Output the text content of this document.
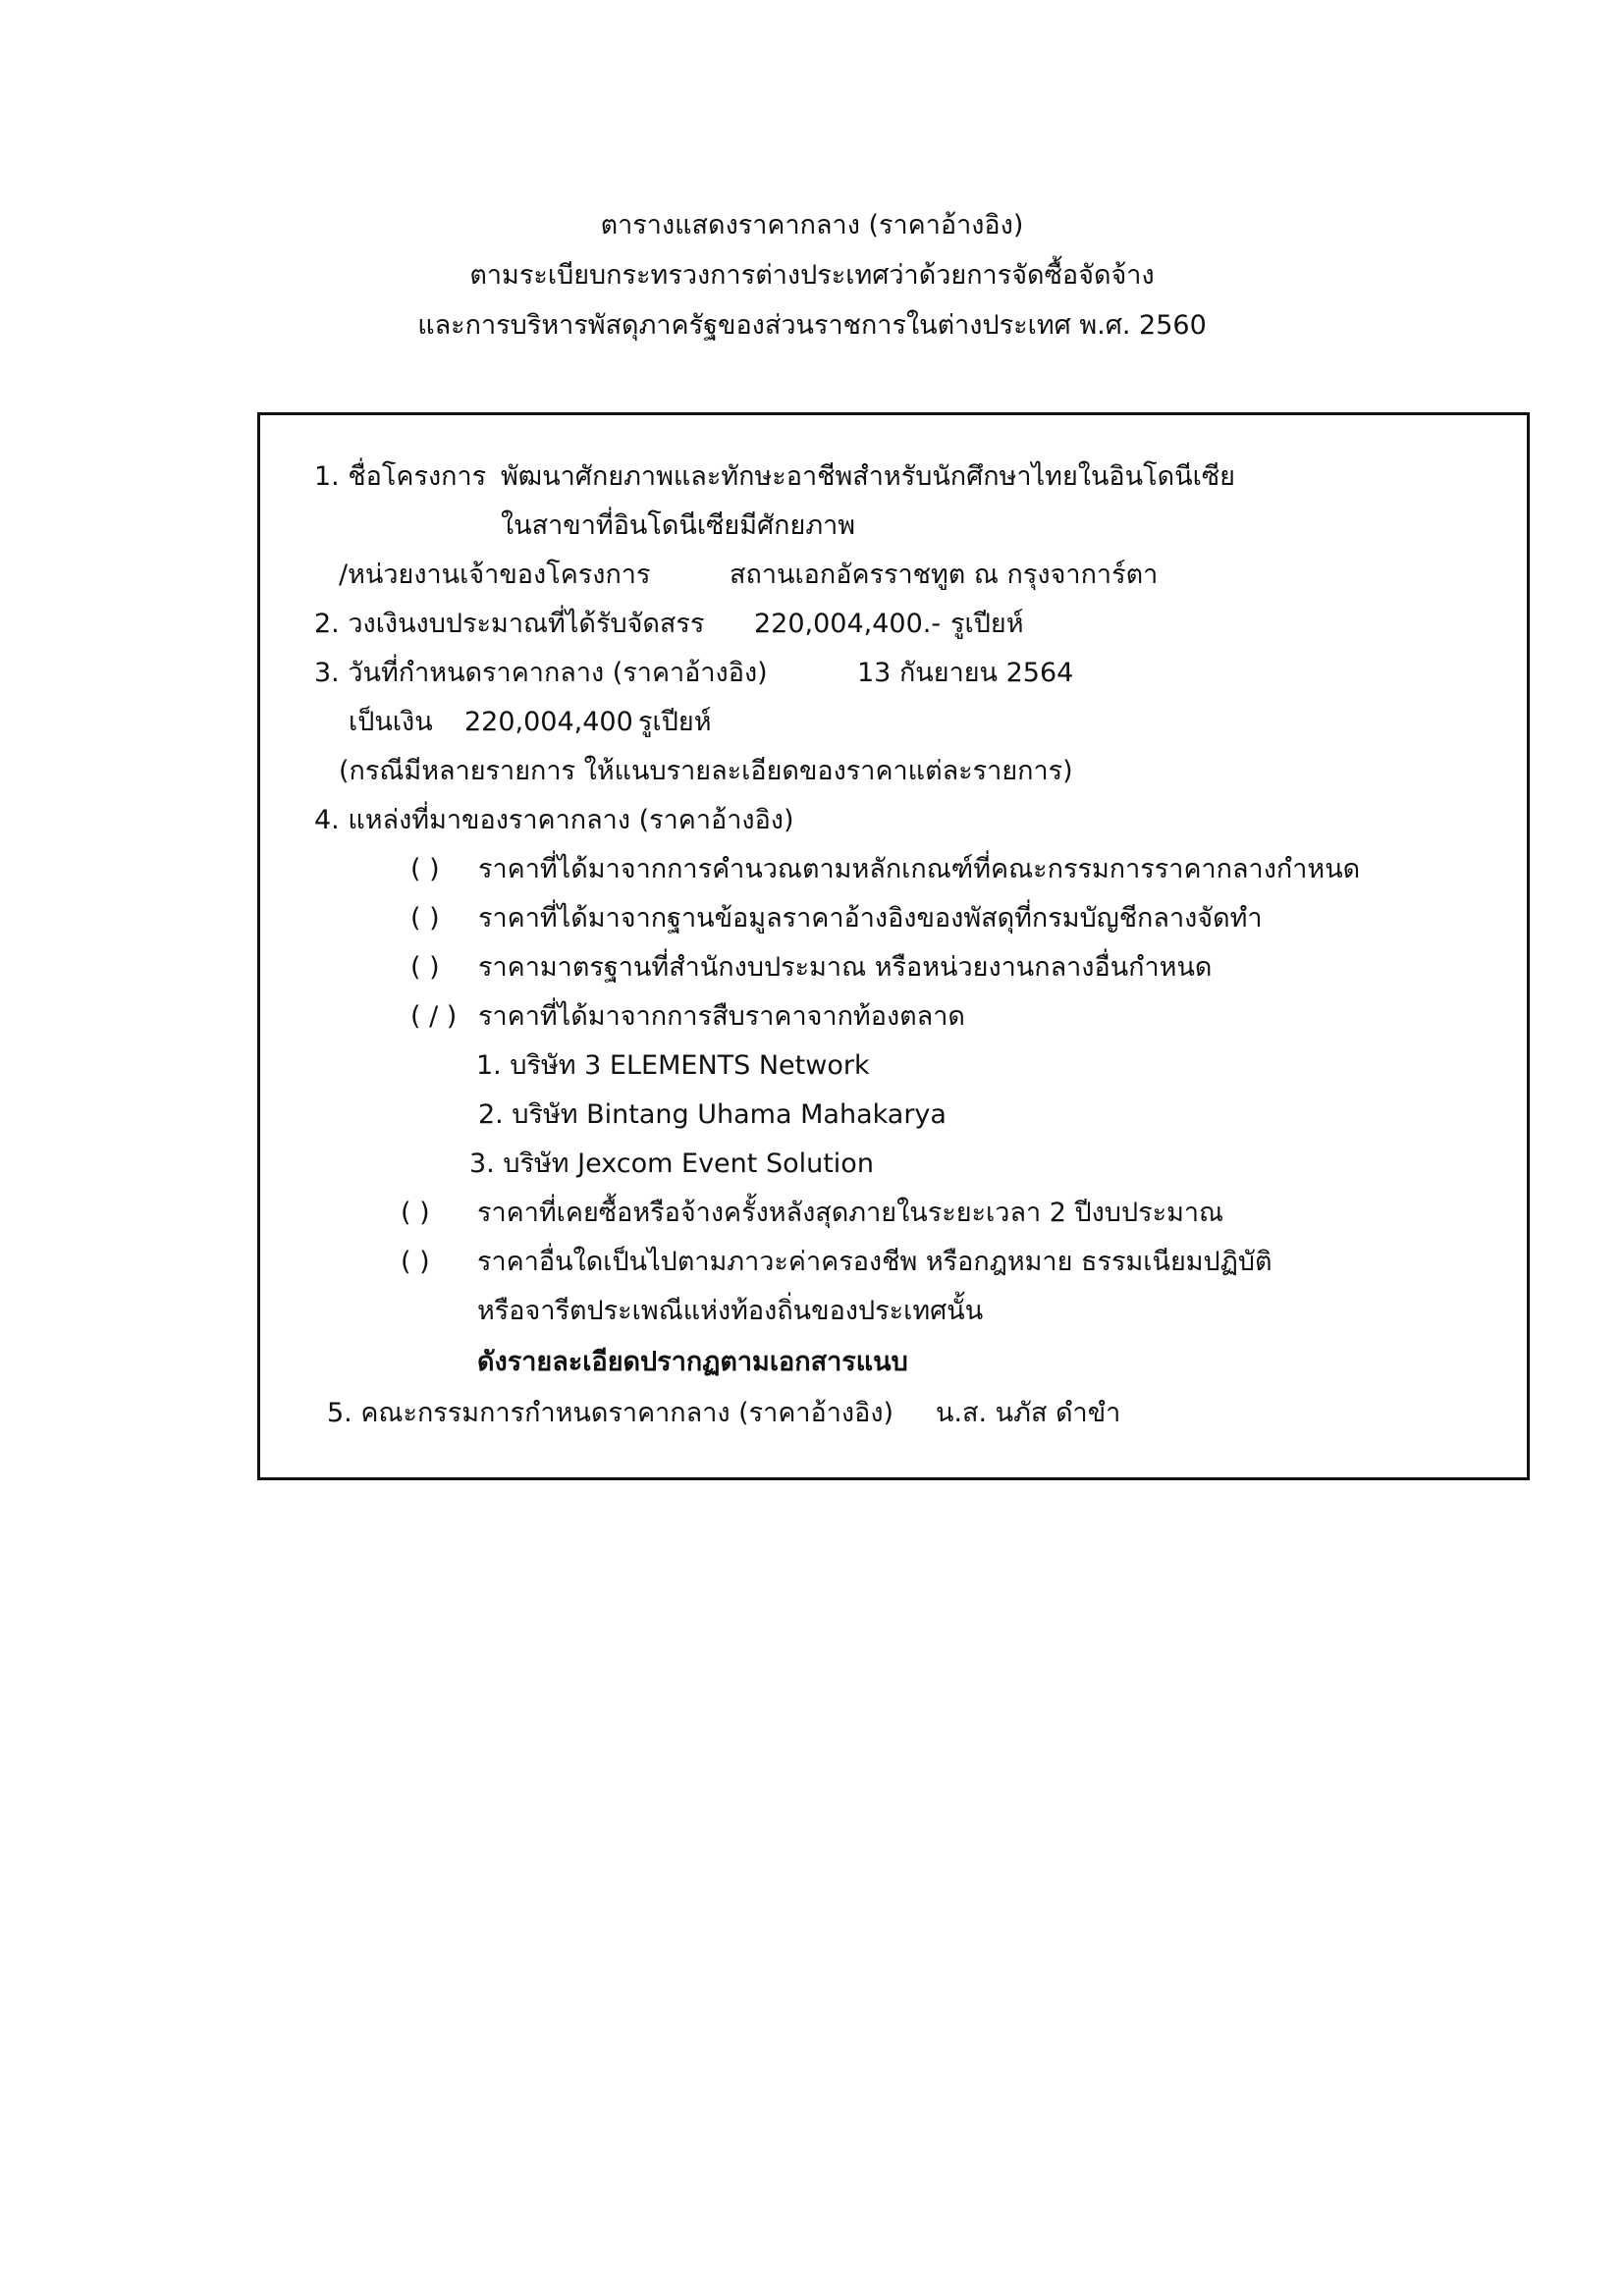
ตารางแสดงราคากลาง (ราคาอ้างอิง)
ตามระเบียบกระทรวงการต่างประเทศว่าด้วยการจัดซื้อจัดจ้าง
และการบริหารพัสดุภาครัฐของส่วนราชการในต่างประเทศ พ.ศ. 2560
1. ชื่อโครงการ พัฒนาศักยภาพและทักษะอาชีพสำหรับนักศึกษาไทยในอินโดนีเซีย
ในสาขาที่อินโดนีเซียมีศักยภาพ
/หน่วยงานเจ้าของโครงการ	สถานเอกอัครราชทูต ณ กรุงจาการ์ตา
2. วงเงินงบประมาณที่ได้รับจัดสรร 220,004,400.- รูเปียห์
3. วันที่กำหนดราคากลาง (ราคาอ้างอิง)	13 กันยายน 2564
เป็นเงิน 220,004,400 รูเปียห์
(กรณีมีหลายรายการ ให้แนบรายละเอียดของราคาแต่ละรายการ)
4. แหล่งที่มาของราคากลาง (ราคาอ้างอิง)
( ) ราคาที่ได้มาจากการคำนวณตามหลักเกณฑ์ที่คณะกรรมการราคากลางกำหนด
( ) ราคาที่ได้มาจากฐานข้อมูลราคาอ้างอิงของพัสดุที่กรมบัญชีกลางจัดทำ
( ) ราคามาตรฐานที่สำนักงบประมาณ หรือหน่วยงานกลางอื่นกำหนด
( / ) ราคาที่ได้มาจากการสืบราคาจากท้องตลาด
1. บริษัท 3 ELEMENTS Network
2. บริษัท Bintang Uhama Mahakarya
3. บริษัท Jexcom Event Solution
( ) ราคาที่เคยซื้อหรือจ้างครั้งหลังสุดภายในระยะเวลา 2 ปีงบประมาณ
( ) ราคาอื่นใดเป็นไปตามภาวะค่าครองชีพ หรือกฎหมาย ธรรมเนียมปฏิบัติ
หรือจารีตประเพณีแห่งท้องถิ่นของประเทศนั้น
ดังรายละเอียดปรากฏตามเอกสารแนบ
5. คณะกรรมการกำหนดราคากลาง (ราคาอ้างอิง) น.ส. นภัส ดำขำ
